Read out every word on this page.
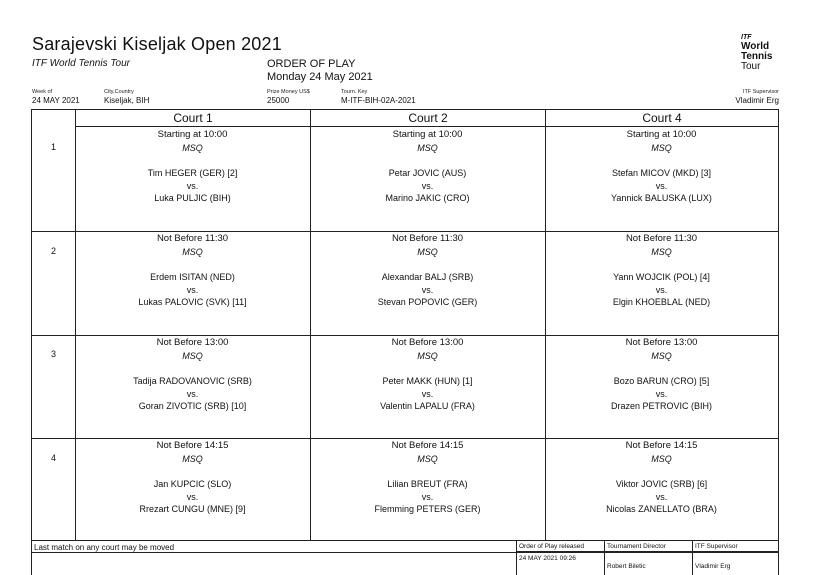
Sarajevski Kiseljak Open 2021
ITF World Tennis Tour	ORDER OF PLAY
Monday 24 May 2021
ITF
World
Tennis
Tour
Week of
24 MAY 2021
City,Country
Kiseljak, BIH
Prize Money US$
25000
Tourn. Key
M-ITF-BIH-02A-2021
ITF Supervisor
Vladimir Erg
Court 1	Court 2	Court 4
1
Starting at 10:00
MSQ
Tim HEGER (GER) [2]
vs.
Luka PULJIC (BIH)
Starting at 10:00
MSQ
Petar JOVIC (AUS)
vs.
Marino JAKIC (CRO)
Starting at 10:00
MSQ
Stefan MICOV (MKD) [3]
vs.
Yannick BALUSKA (LUX)
2
Not Before 11:30
MSQ
Erdem ISITAN (NED)
vs.
Lukas PALOVIC (SVK) [11]
Not Before 11:30
MSQ
Alexandar BALJ (SRB)
vs.
Stevan POPOVIC (GER)
Not Before 11:30
MSQ
Yann WOJCIK (POL) [4]
vs.
Elgin KHOEBLAL (NED)
3
Not Before 13:00
MSQ
Tadija RADOVANOVIC (SRB)
vs.
Goran ZIVOTIC (SRB) [10]
Not Before 13:00
MSQ
Peter MAKK (HUN) [1]
vs.
Valentin LAPALU (FRA)
Not Before 13:00
MSQ
Bozo BARUN (CRO) [5]
vs.
Drazen PETROVIC (BIH)
4
Not Before 14:15
MSQ
Jan KUPCIC (SLO)
vs.
Rrezart CUNGU (MNE) [9]
Not Before 14:15
MSQ
Lilian BREUT (FRA)
vs.
Flemming PETERS (GER)
Not Before 14:15
MSQ
Viktor JOVIC (SRB) [6]
vs.
Nicolas ZANELLATO (BRA)
Last match on any court may be moved	Order of Play released
24 MAY 2021 09:26
Tournament Director
Robert Biletic
ITF Supervisor
Vladimir Erg
